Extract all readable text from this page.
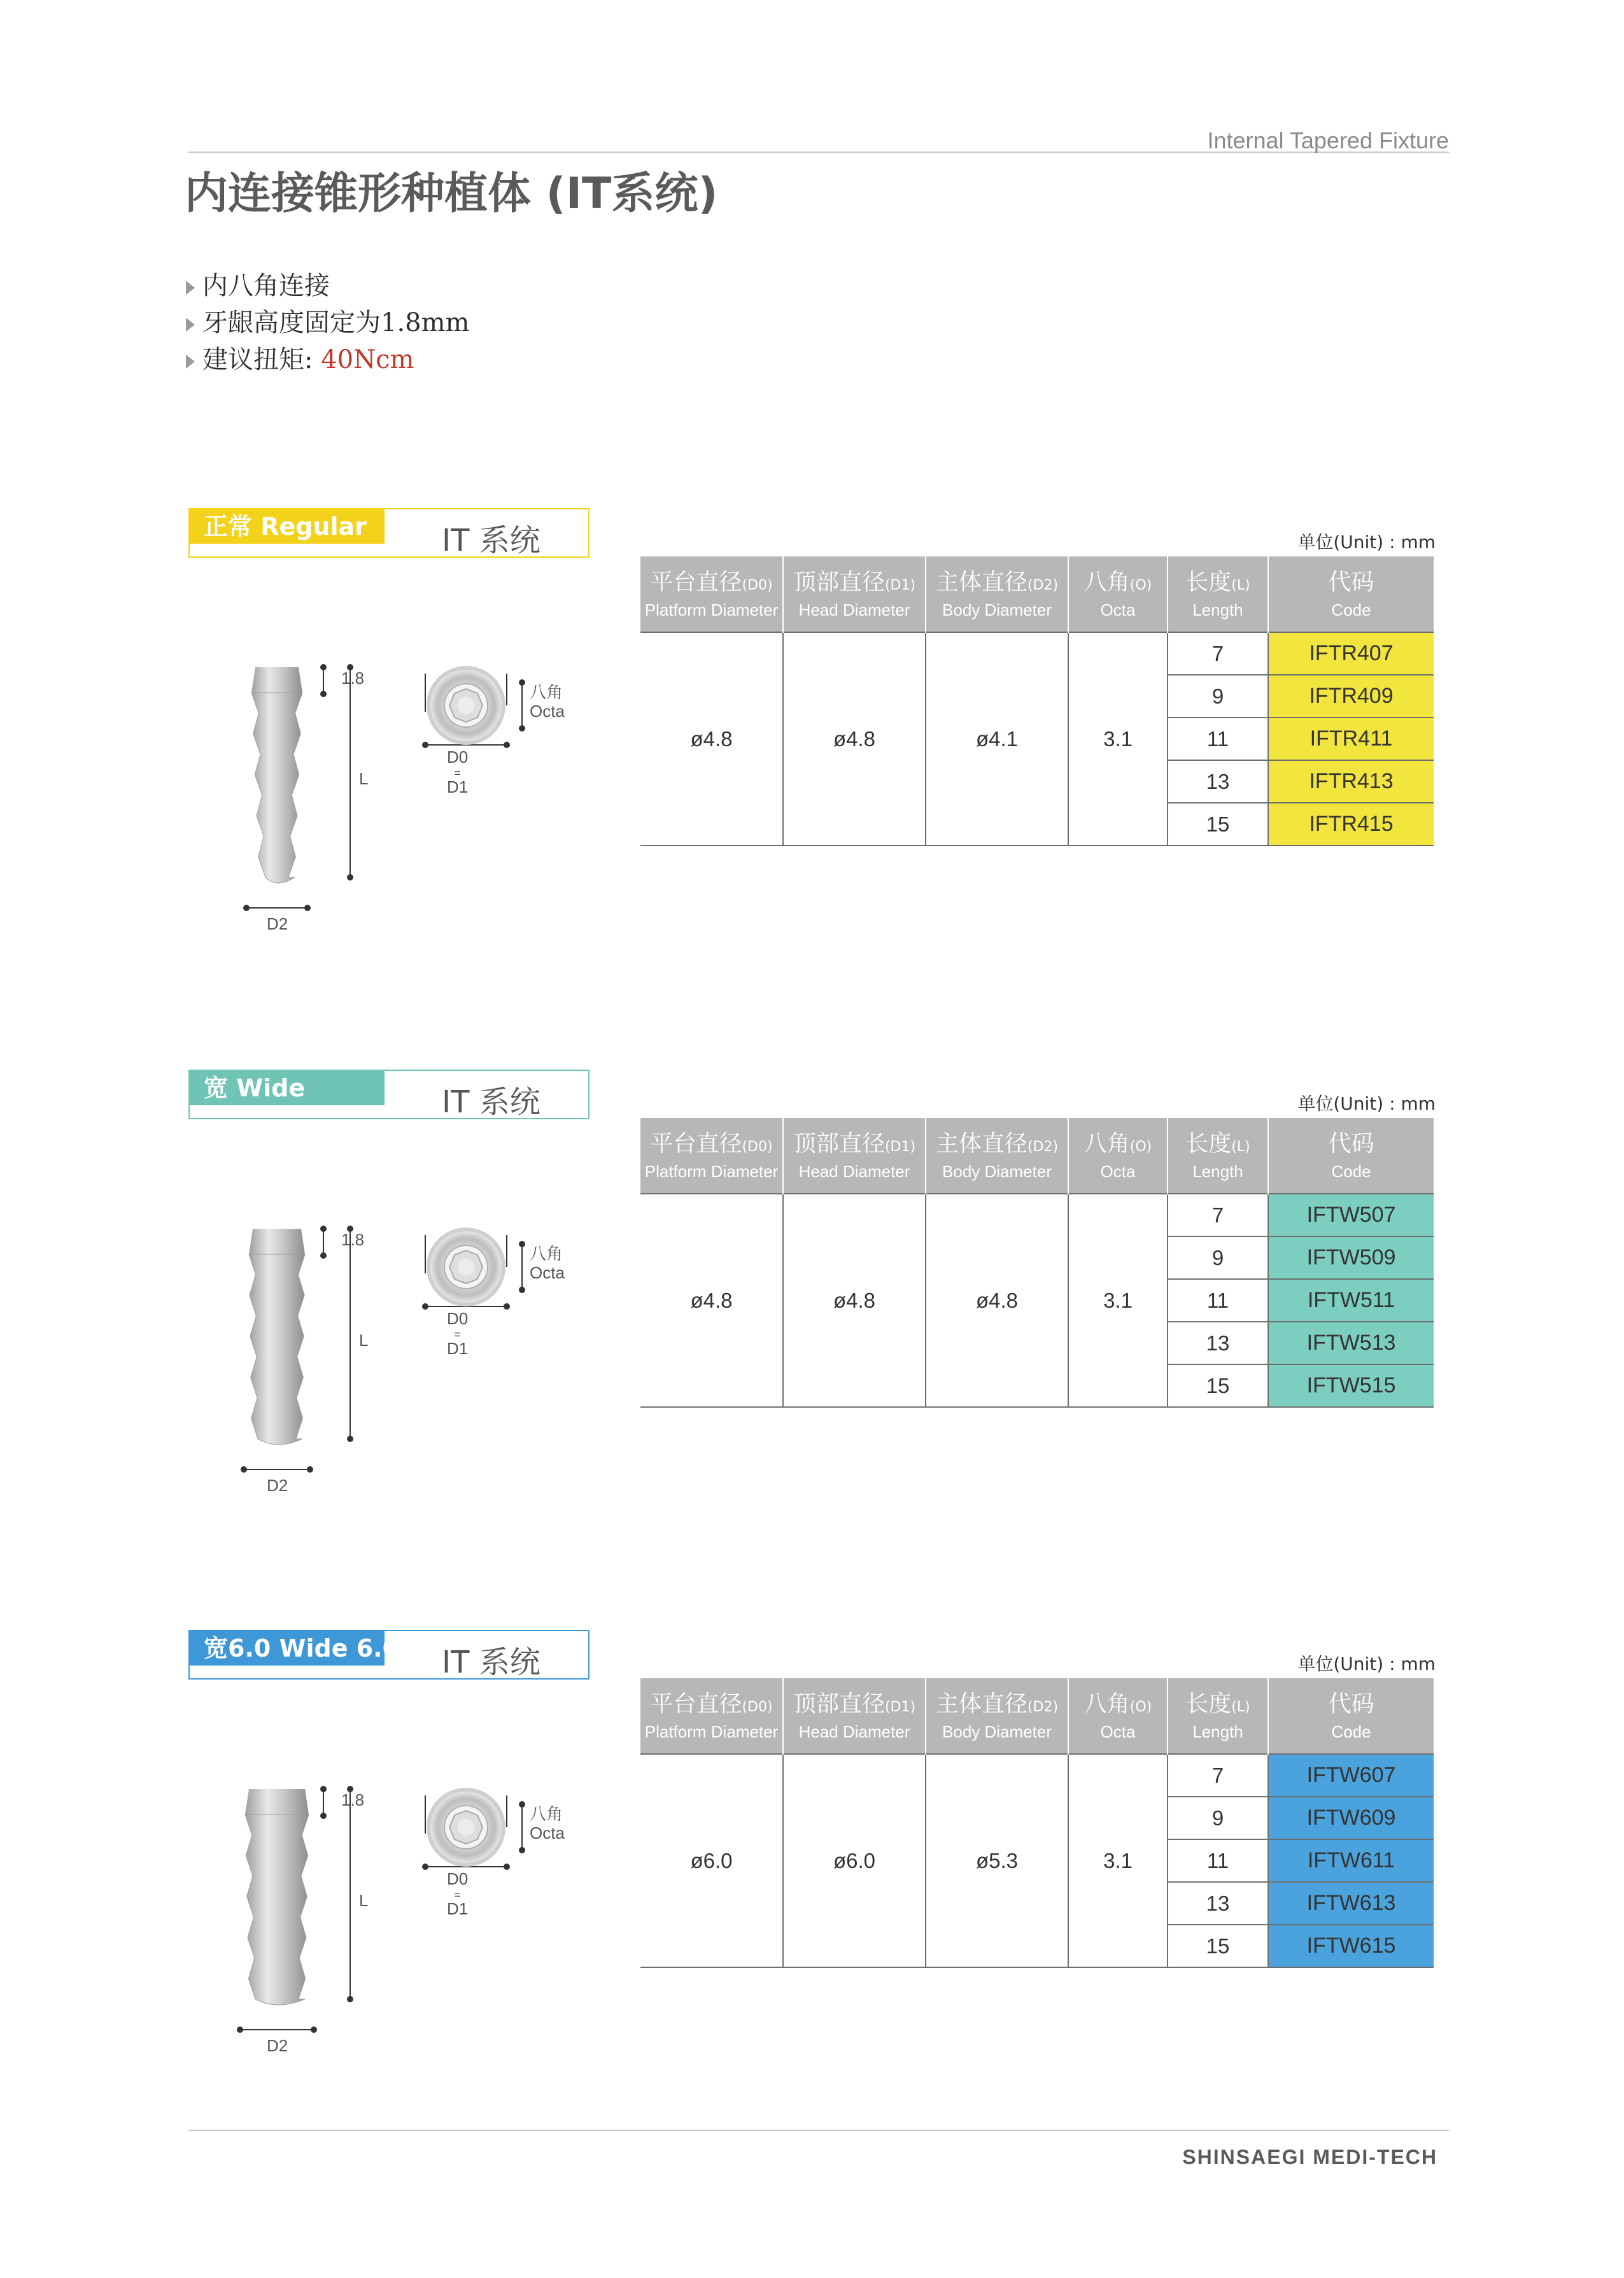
Internal Tapered Fixture
内连接锥形种植体 (IT系统)
内八角连接
牙龈高度固定为1.8mm
建议扭矩: 40Ncm
正常 Regular	IT 系统	单位(Unit) : mm
1.8
L
D2
D0
=
D1
八角
Octa
平台直径(D0)
Platform Diameter	顶部直径(D1)
Head Diameter	主体直径(D2)
Body Diameter	八角(O)
Octa	长度(L)
Length	代码
Code

ø4.8	ø4.8	ø4.1	3.1	7	IFTR407
				9	IFTR409
				11	IFTR411
				13	IFTR413
				15	IFTR415
宽 Wide	IT 系统	单位(Unit) : mm
1.8
L
D2
D0
=
D1
八角
Octa
平台直径(D0)
Platform Diameter	顶部直径(D1)
Head Diameter	主体直径(D2)
Body Diameter	八角(O)
Octa	长度(L)
Length	代码
Code

ø4.8	ø4.8	ø4.8	3.1	7	IFTW507
				9	IFTW509
				11	IFTW511
				13	IFTW513
				15	IFTW515
宽6.0 Wide 6.0 IT 系统	单位(Unit) : mm
1.8
L
D2
D0
=
D1
八角
Octa
平台直径(D0)
Platform Diameter	顶部直径(D1)
Head Diameter	主体直径(D2)
Body Diameter	八角(O)
Octa	长度(L)
Length	代码
Code

ø6.0	ø6.0	ø5.3	3.1	7	IFTW607
				9	IFTW609
				11	IFTW611
				13	IFTW613
				15	IFTW615
SHINSAEGI MEDI-TECH
